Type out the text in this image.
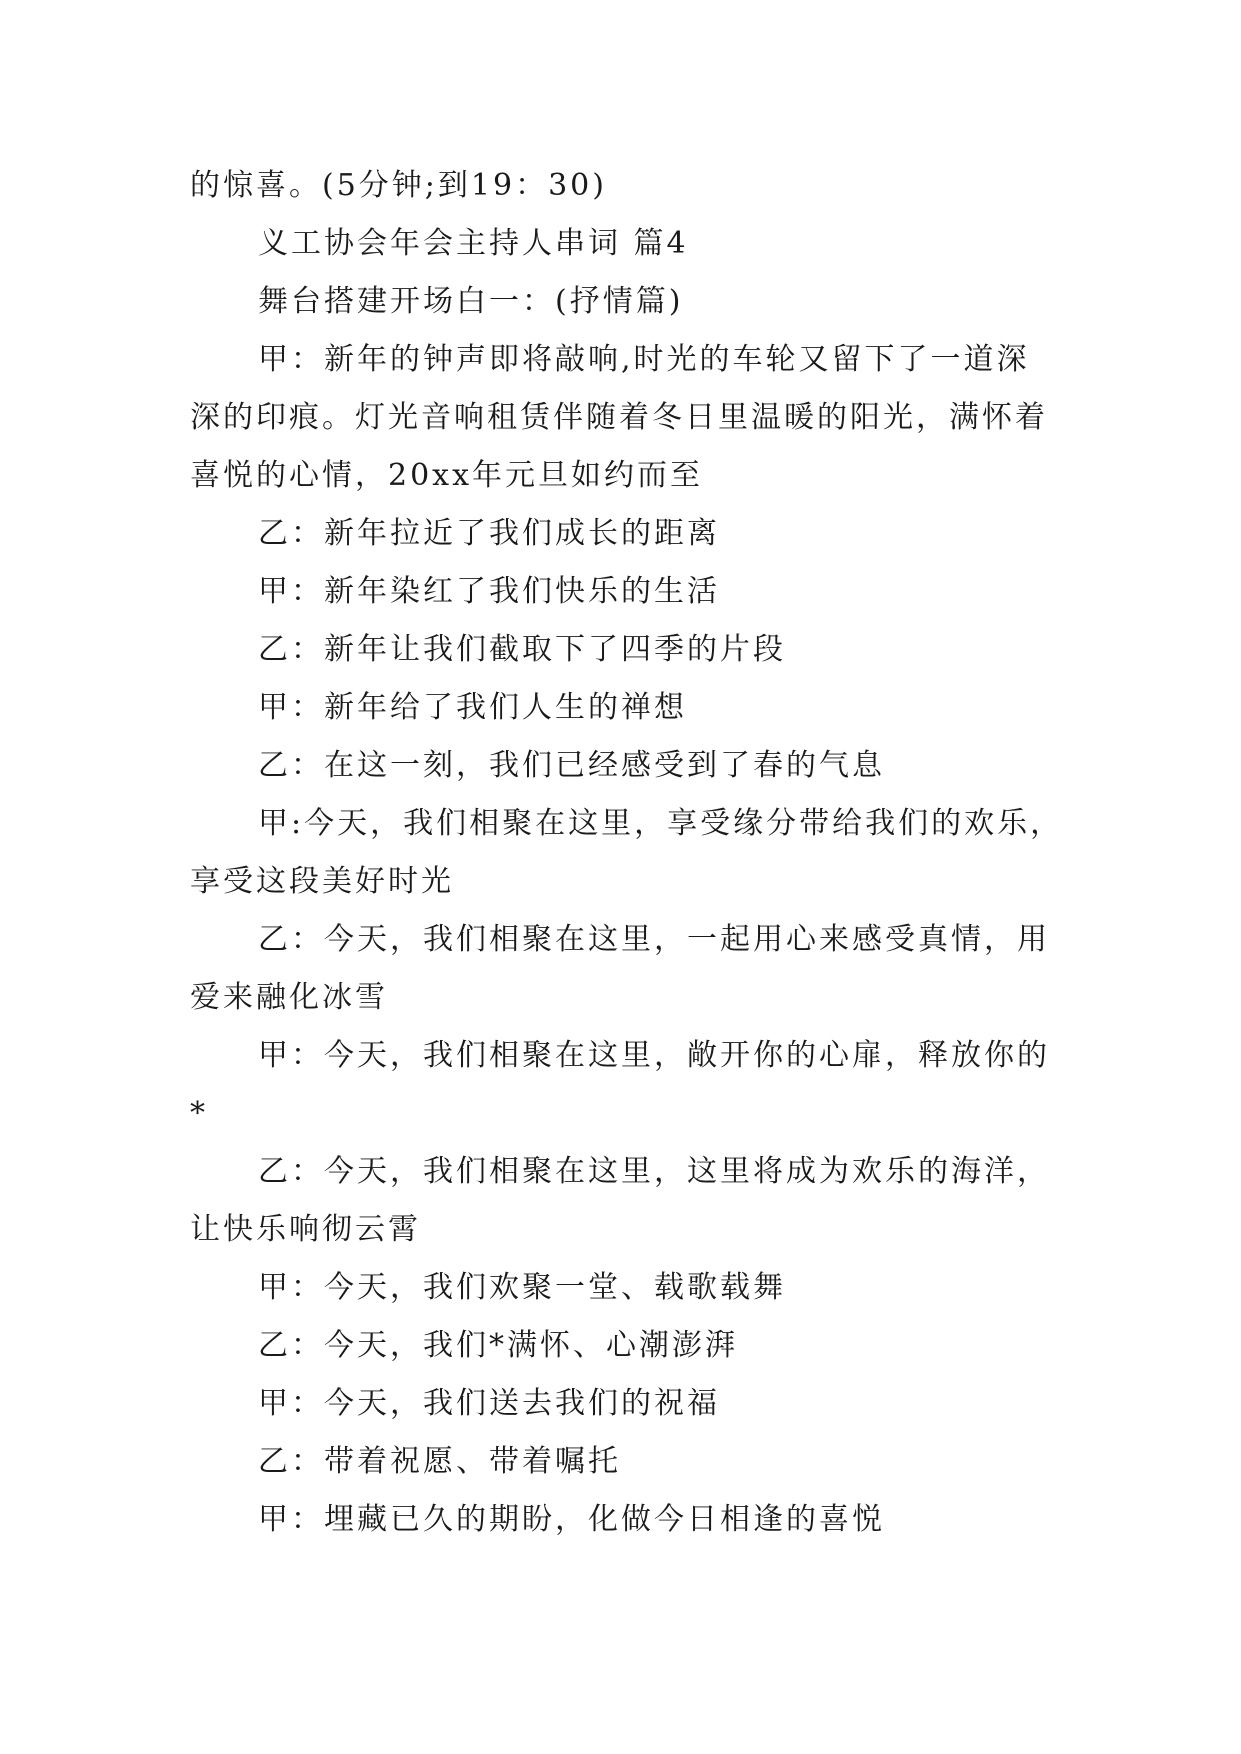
的惊喜。(5分钟;到19：30)
义工协会年会主持人串词 篇4
舞台搭建开场白一：(抒情篇)
甲：新年的钟声即将敲响,时光的车轮又留下了一道深
深的印痕。灯光音响租赁伴随着冬日里温暖的阳光，满怀着
喜悦的心情，20xx年元旦如约而至
乙：新年拉近了我们成长的距离
甲：新年染红了我们快乐的生活
乙：新年让我们截取下了四季的片段
甲：新年给了我们人生的禅想
乙：在这一刻，我们已经感受到了春的气息
甲:今天，我们相聚在这里，享受缘分带给我们的欢乐，
享受这段美好时光
乙：今天，我们相聚在这里，一起用心来感受真情，用
爱来融化冰雪
甲：今天，我们相聚在这里，敞开你的心扉，释放你的
*
乙：今天，我们相聚在这里，这里将成为欢乐的海洋，
让快乐响彻云霄
甲：今天，我们欢聚一堂、载歌载舞
乙：今天，我们*满怀、心潮澎湃
甲：今天，我们送去我们的祝福
乙：带着祝愿、带着嘱托
甲：埋藏已久的期盼，化做今日相逢的喜悦
